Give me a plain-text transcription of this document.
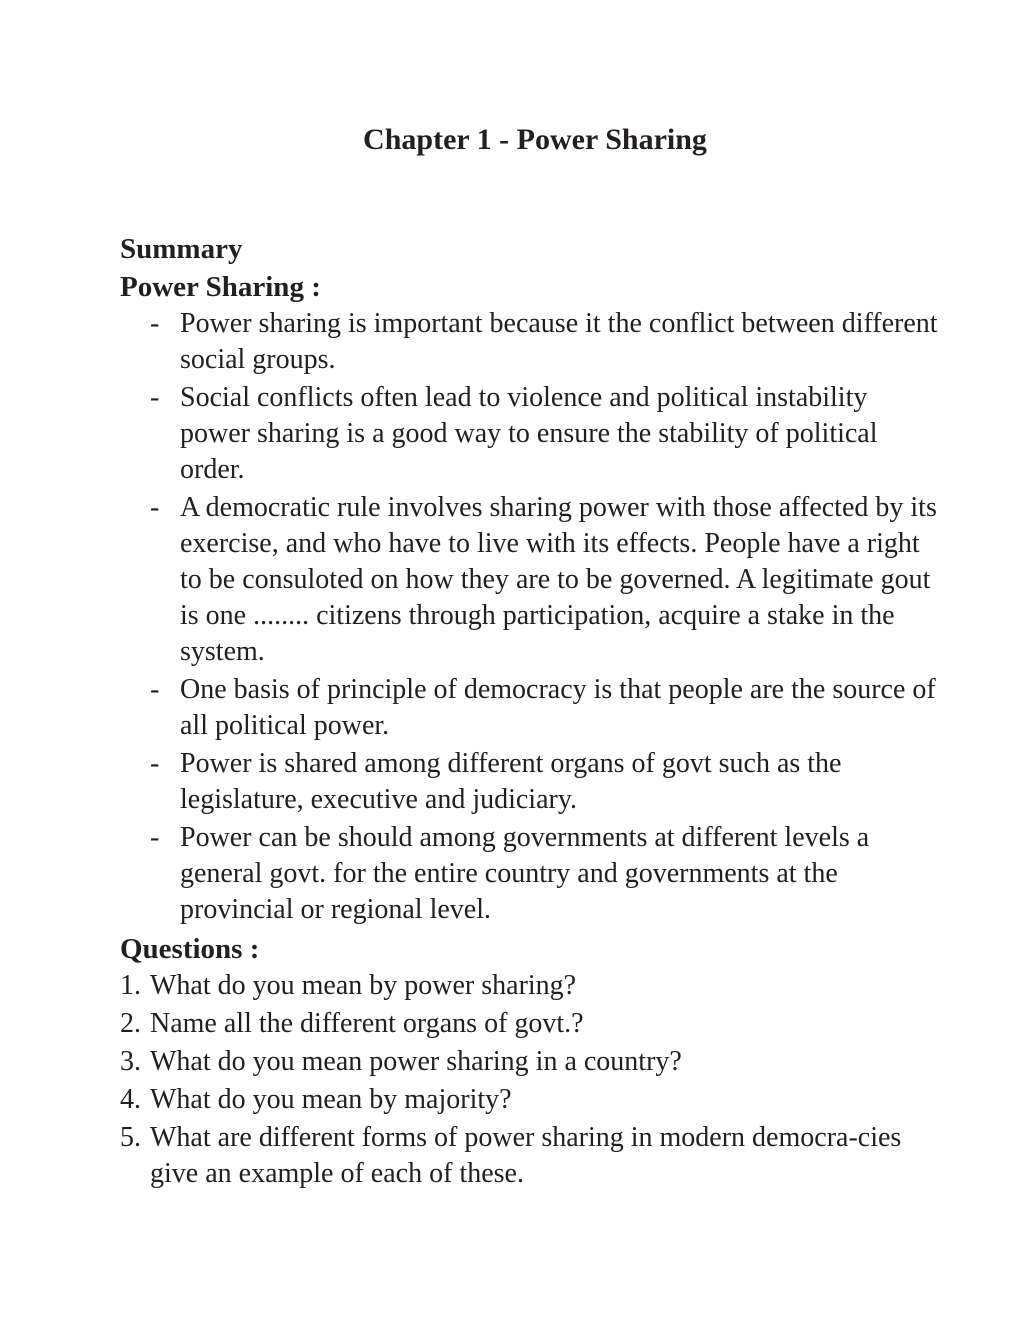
Chapter 1 - Power Sharing

Summary

Power Sharing :

- Power sharing is important because it the conflict between different social groups.
- Social conflicts often lead to violence and political instability power sharing is a good way to ensure the stability of political order.
- A democratic rule involves sharing power with those affected by its exercise, and who have to live with its effects. People have a right to be consuloted on how they are to be governed. A legitimate gout is one ........ citizens through participation, acquire a stake in the system.
- One basis of principle of democracy is that people are the source of all political power.
- Power is shared among different organs of govt such as the legislature, executive and judiciary.
- Power can be should among governments at different levels a general govt. for the entire country and governments at the provincial or regional level.

Questions :

1. What do you mean by power sharing?
2. Name all the different organs of govt.?
3. What do you mean power sharing in a country?
4. What do you mean by majority?
5. What are different forms of power sharing in modern democra-cies give an example of each of these.
